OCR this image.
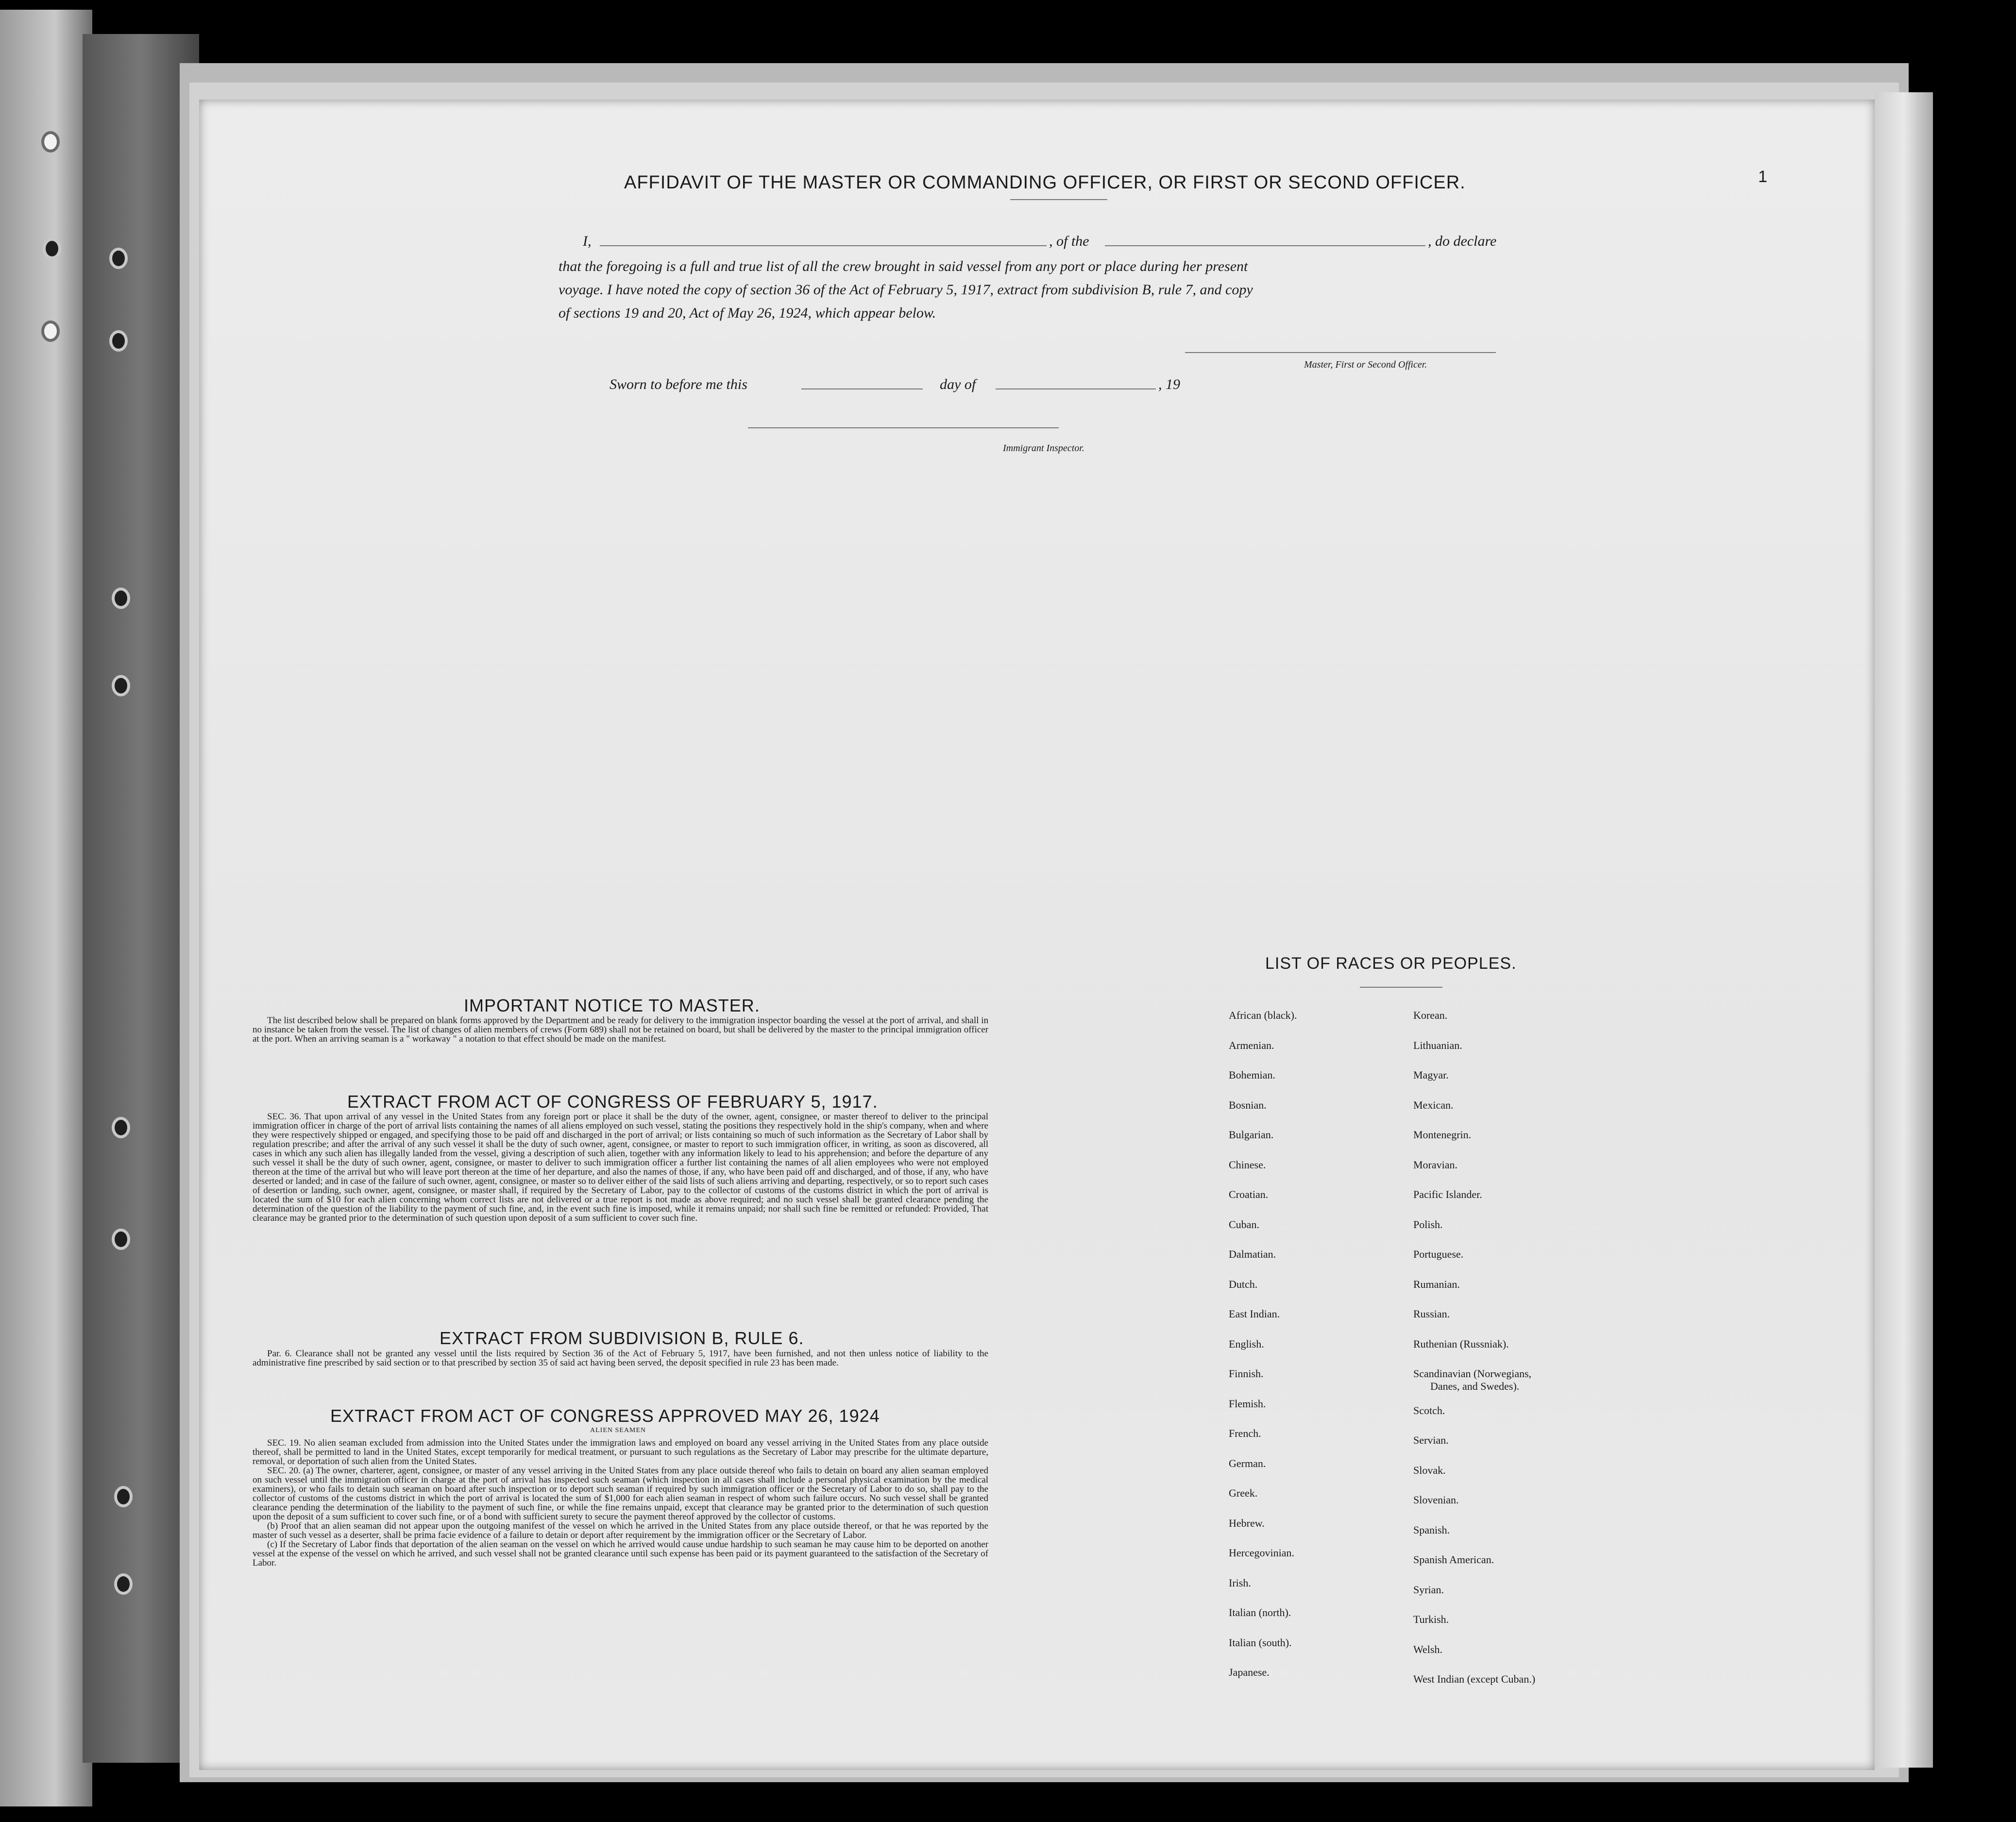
AFFIDAVIT OF THE MASTER OR COMMANDING OFFICER, OR FIRST OR SECOND OFFICER.	1
I,	, of the	, do declare
that the foregoing is a full and true list of all the crew brought in said vessel from any port or place during her present
voyage. I have noted the copy of section 36 of the Act of February 5, 1917, extract from subdivision B, rule 7, and copy
of sections 19 and 20, Act of May 26, 1924, which appear below.
Master, First or Second Officer.
Sworn to before me this	day of	, 19
Immigrant Inspector.
IMPORTANT NOTICE TO MASTER.

The list described below shall be prepared on blank forms approved by the Department and be ready for delivery to the immigration inspector boarding the vessel at the port of arrival, and shall in no instance be taken from the vessel. The list of changes of alien members of crews (Form 689) shall not be retained on board, but shall be delivered by the master to the principal immigration officer at the port. When an arriving seaman is a " workaway " a notation to that effect should be made on the manifest.

EXTRACT FROM ACT OF CONGRESS OF FEBRUARY 5, 1917.

SEC. 36. That upon arrival of any vessel in the United States from any foreign port or place it shall be the duty of the owner, agent, consignee, or master thereof to deliver to the principal immigration officer in charge of the port of arrival lists containing the names of all aliens employed on such vessel, stating the positions they respectively hold in the ship's company, when and where they were respectively shipped or engaged, and specifying those to be paid off and discharged in the port of arrival; or lists containing so much of such information as the Secretary of Labor shall by regulation prescribe; and after the arrival of any such vessel it shall be the duty of such owner, agent, consignee, or master to report to such immigration officer, in writing, as soon as discovered, all cases in which any such alien has illegally landed from the vessel, giving a description of such alien, together with any information likely to lead to his apprehension; and before the departure of any such vessel it shall be the duty of such owner, agent, consignee, or master to deliver to such immigration officer a further list containing the names of all alien employees who were not employed thereon at the time of the arrival but who will leave port thereon at the time of her departure, and also the names of those, if any, who have been paid off and discharged, and of those, if any, who have deserted or landed; and in case of the failure of such owner, agent, consignee, or master so to deliver either of the said lists of such aliens arriving and departing, respectively, or so to report such cases of desertion or landing, such owner, agent, consignee, or master shall, if required by the Secretary of Labor, pay to the collector of customs of the customs district in which the port of arrival is located the sum of $10 for each alien concerning whom correct lists are not delivered or a true report is not made as above required; and no such vessel shall be granted clearance pending the determination of the question of the liability to the payment of such fine, and, in the event such fine is imposed, while it remains unpaid; nor shall such fine be remitted or refunded: Provided, That clearance may be granted prior to the determination of such question upon deposit of a sum sufficient to cover such fine.

EXTRACT FROM SUBDIVISION B, RULE 6.

Par. 6. Clearance shall not be granted any vessel until the lists required by Section 36 of the Act of February 5, 1917, have been furnished, and not then unless notice of liability to the administrative fine prescribed by said section or to that prescribed by section 35 of said act having been served, the deposit specified in rule 23 has been made.

EXTRACT FROM ACT OF CONGRESS APPROVED MAY 26, 1924
ALIEN SEAMEN

SEC. 19. No alien seaman excluded from admission into the United States under the immigration laws and employed on board any vessel arriving in the United States from any place outside thereof, shall be permitted to land in the United States, except temporarily for medical treatment, or pursuant to such regulations as the Secretary of Labor may prescribe for the ultimate departure, removal, or deportation of such alien from the United States.

SEC. 20. (a) The owner, charterer, agent, consignee, or master of any vessel arriving in the United States from any place outside thereof who fails to detain on board any alien seaman employed on such vessel until the immigration officer in charge at the port of arrival has inspected such seaman (which inspection in all cases shall include a personal physical examination by the medical examiners), or who fails to detain such seaman on board after such inspection or to deport such seaman if required by such immigration officer or the Secretary of Labor to do so, shall pay to the collector of customs of the customs district in which the port of arrival is located the sum of $1,000 for each alien seaman in respect of whom such failure occurs. No such vessel shall be granted clearance pending the determination of the liability to the payment of such fine, or while the fine remains unpaid, except that clearance may be granted prior to the determination of such question upon the deposit of a sum sufficient to cover such fine, or of a bond with sufficient surety to secure the payment thereof approved by the collector of customs.

(b) Proof that an alien seaman did not appear upon the outgoing manifest of the vessel on which he arrived in the United States from any place outside thereof, or that he was reported by the master of such vessel as a deserter, shall be prima facie evidence of a failure to detain or deport after requirement by the immigration officer or the Secretary of Labor.

(c) If the Secretary of Labor finds that deportation of the alien seaman on the vessel on which he arrived would cause undue hardship to such seaman he may cause him to be deported on another vessel at the expense of the vessel on which he arrived, and such vessel shall not be granted clearance until such expense has been paid or its payment guaranteed to the satisfaction of the Secretary of Labor.

LIST OF RACES OR PEOPLES.
African (black).
Armenian.
Bohemian.
Bosnian.
Bulgarian.
Chinese.
Croatian.
Cuban.
Dalmatian.
Dutch.
East Indian.
English.
Finnish.
Flemish.
French.
German.
Greek.
Hebrew.
Hercegovinian.
Irish.
Italian (north).
Italian (south).
Japanese.
Korean.
Lithuanian.
Magyar.
Mexican.
Montenegrin.
Moravian.
Pacific Islander.
Polish.
Portuguese.
Rumanian.
Russian.
Ruthenian (Russniak).
Scandinavian (Norwegians,
Danes, and Swedes).
Scotch.
Servian.
Slovak.
Slovenian.
Spanish.
Spanish American.
Syrian.
Turkish.
Welsh.
West Indian (except Cuban.)
